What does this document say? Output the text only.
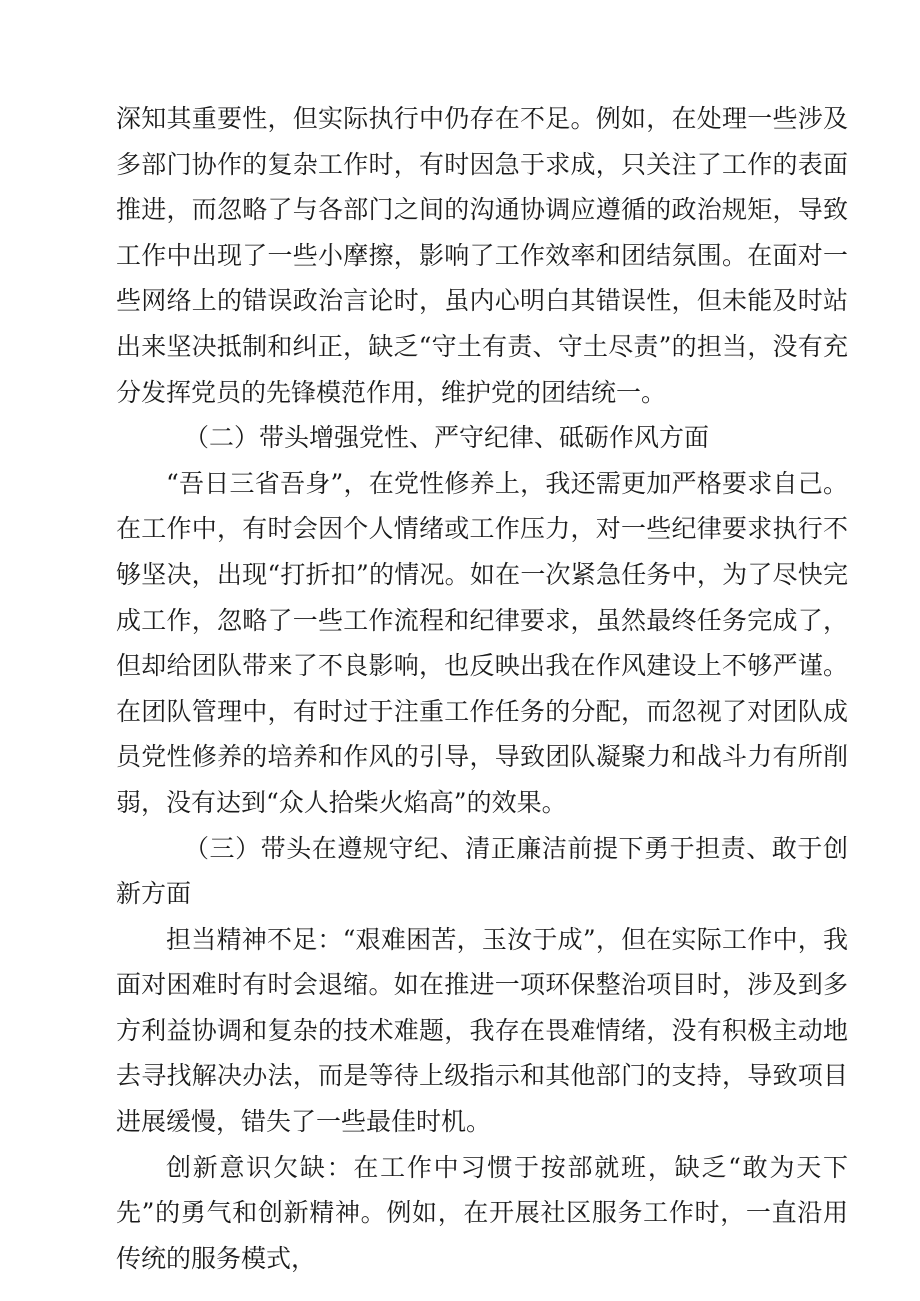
深知其重要性，但实际执行中仍存在不足。例如，在处理一些涉及多部门协作的复杂工作时，有时因急于求成，只关注了工作的表面推进，而忽略了与各部门之间的沟通协调应遵循的政治规矩，导致工作中出现了一些小摩擦，影响了工作效率和团结氛围。在面对一些网络上的错误政治言论时，虽内心明白其错误性，但未能及时站出来坚决抵制和纠正，缺乏“守土有责、守土尽责”的担当，没有充分发挥党员的先锋模范作用，维护党的团结统一。

（二）带头增强党性、严守纪律、砥砺作风方面

“吾日三省吾身”，在党性修养上，我还需更加严格要求自己。在工作中，有时会因个人情绪或工作压力，对一些纪律要求执行不够坚决，出现“打折扣”的情况。如在一次紧急任务中，为了尽快完成工作，忽略了一些工作流程和纪律要求，虽然最终任务完成了，但却给团队带来了不良影响，也反映出我在作风建设上不够严谨。在团队管理中，有时过于注重工作任务的分配，而忽视了对团队成员党性修养的培养和作风的引导，导致团队凝聚力和战斗力有所削弱，没有达到“众人拾柴火焰高”的效果。

（三）带头在遵规守纪、清正廉洁前提下勇于担责、敢于创新方面

担当精神不足：“艰难困苦，玉汝于成”，但在实际工作中，我面对困难时有时会退缩。如在推进一项环保整治项目时，涉及到多方利益协调和复杂的技术难题，我存在畏难情绪，没有积极主动地去寻找解决办法，而是等待上级指示和其他部门的支持，导致项目进展缓慢，错失了一些最佳时机。

创新意识欠缺：在工作中习惯于按部就班，缺乏“敢为天下先”的勇气和创新精神。例如，在开展社区服务工作时，一直沿用传统的服务模式，
